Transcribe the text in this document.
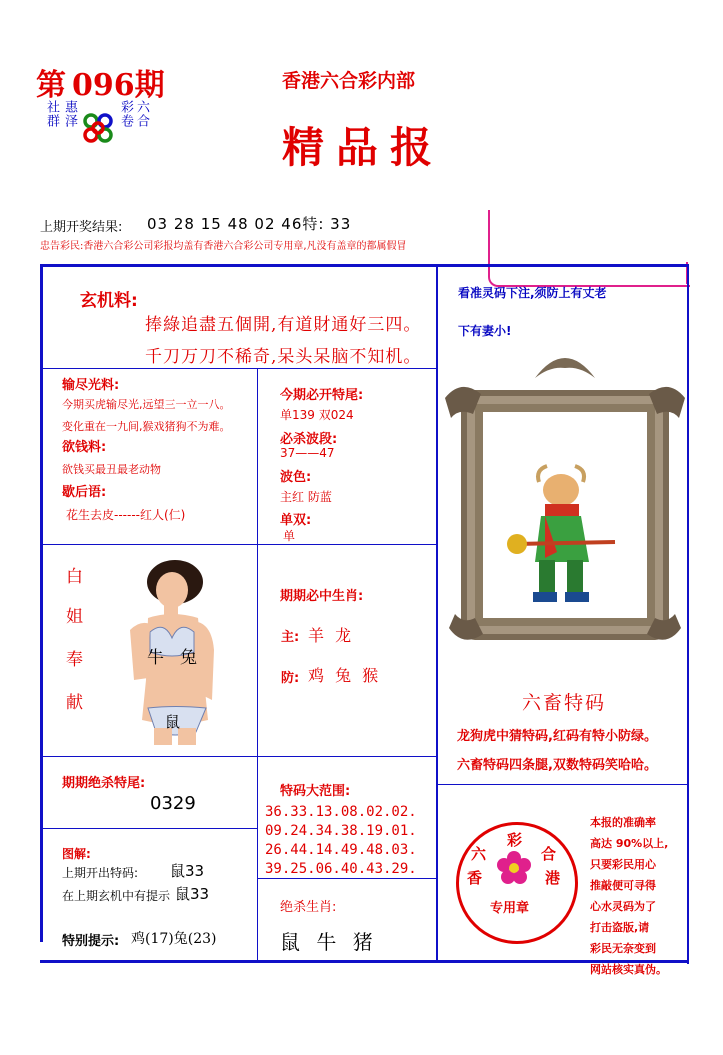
第 096期
惠泽
社群	六合
彩卷
香港六合彩内部
精品报
上期开奖结果: 03 28 15 48 02 46特: 33
忠告彩民:香港六合彩公司彩报均盖有香港六合彩公司专用章,凡没有盖章的都属假冒
玄机料:
捧綠追盡五個開,有道財通好三四。
千刀万刀不稀奇,呆头呆脑不知机。
输尽光料:
今期买虎输尽光,远望三一立一八。
变化重在一九间,猴戏猪狗不为难。
欲钱料:
欲钱买最丑最老动物
歇后语:
花生去皮------红人(仁)
今期必开特尾:
单139 双024
必杀波段:
37——47
波色:
主红 防蓝
单双:
单
白
姐
奉
献
牛 兔
鼠
期期必中生肖:
主: 羊 龙
防: 鸡 兔 猴
看准灵码下注,须防上有丈老
下有妻小!
六畜特码
龙狗虎中猜特码,红码有特小防绿。
六畜特码四条腿,双数特码笑哈哈。
六
彩
合
香	港
专用章
本报的准确率
高达 90%以上,
只要彩民用心
推敲便可寻得
心水灵码为了
打击盗版,请
彩民无奈变到
网站核实真伪。
期期绝杀特尾:
0329
图解:
上期开出特码: 鼠33
在上期玄机中有提示 鼠33
特别提示: 鸡(17)兔(23)
特码大范围:
36.33.13.08.02.02.
09.24.34.38.19.01.
26.44.14.49.48.03.
39.25.06.40.43.29.
绝杀生肖:
鼠 牛 猪
